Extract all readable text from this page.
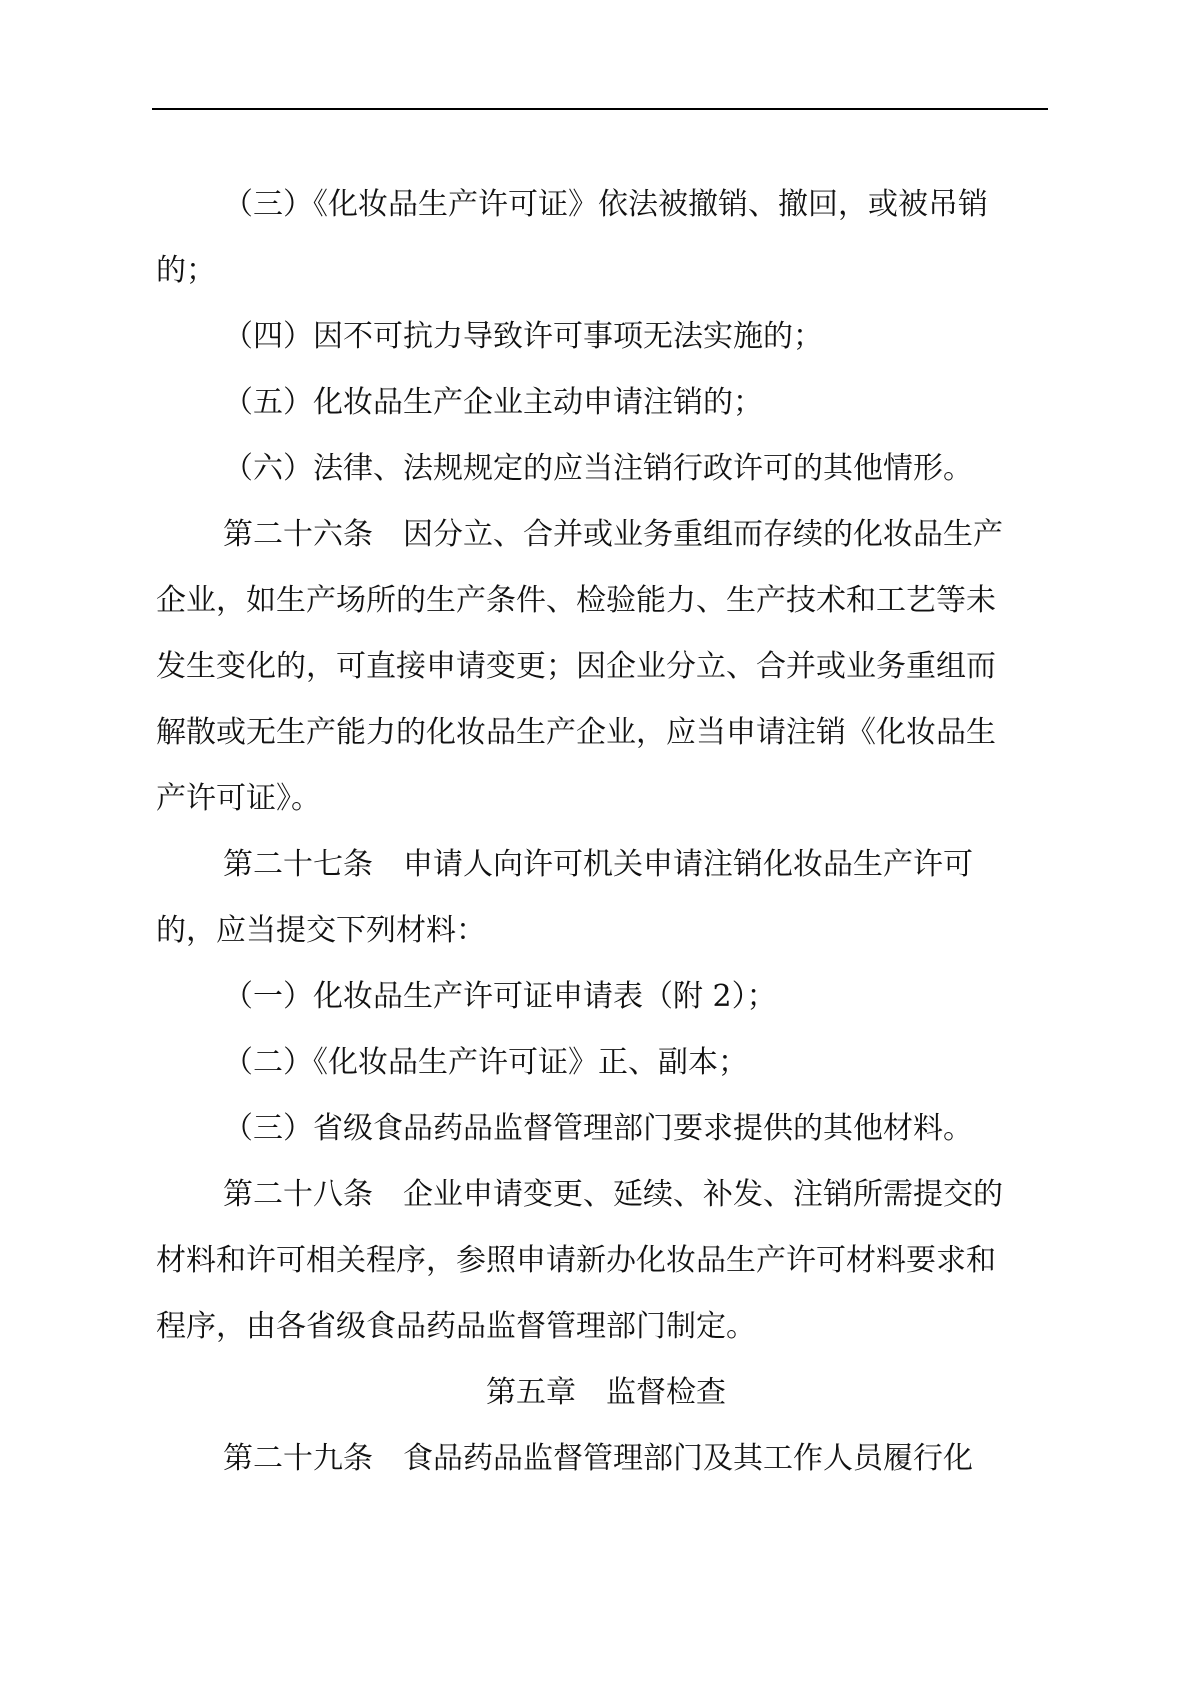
（三）《化妆品生产许可证》依法被撤销、撤回，或被吊销
的；
（四）因不可抗力导致许可事项无法实施的；
（五）化妆品生产企业主动申请注销的；
（六）法律、法规规定的应当注销行政许可的其他情形。
第二十六条　因分立、合并或业务重组而存续的化妆品生产
企业，如生产场所的生产条件、检验能力、生产技术和工艺等未
发生变化的，可直接申请变更；因企业分立、合并或业务重组而
解散或无生产能力的化妆品生产企业，应当申请注销《化妆品生
产许可证》。
第二十七条　申请人向许可机关申请注销化妆品生产许可
的，应当提交下列材料：
（一）化妆品生产许可证申请表（附 2）；
（二）《化妆品生产许可证》正、副本；
（三）省级食品药品监督管理部门要求提供的其他材料。
第二十八条　企业申请变更、延续、补发、注销所需提交的
材料和许可相关程序，参照申请新办化妆品生产许可材料要求和
程序，由各省级食品药品监督管理部门制定。
第五章　监督检查
第二十九条　食品药品监督管理部门及其工作人员履行化
